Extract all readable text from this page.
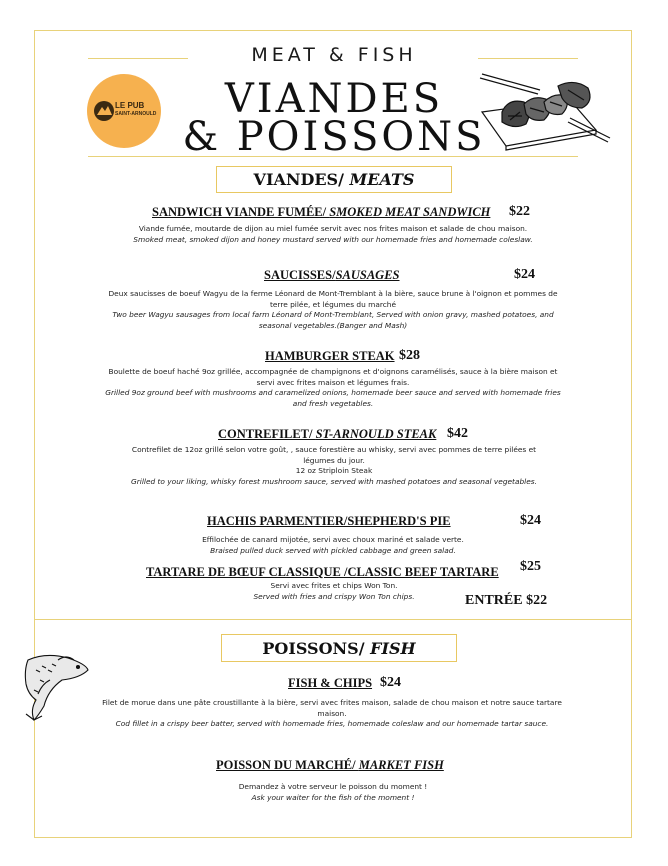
MEAT & FISH
VIANDES
& POISSONS
LE PUB
SAINT-ARNOULD
VIANDES/ MEATS
SANDWICH VIANDE FUMÉE/ SMOKED MEAT SANDWICH $22
Viande fumée, moutarde de dijon au miel fumée servit avec nos frites maison et salade de chou maison.
Smoked meat, smoked dijon and honey mustard served with our homemade fries and homemade coleslaw.
SAUCISSES/SAUSAGES	$24
Deux saucisses de boeuf Wagyu de la ferme Léonard de Mont-Tremblant à la bière, sauce brune à l'oignon et pommes de terre pilée, et légumes du marché
Two beer Wagyu sausages from local farm Léonard of Mont-Tremblant, Served with onion gravy, mashed potatoes, and seasonal vegetables.(Banger and Mash)
HAMBURGER STEAK $28
Boulette de boeuf haché 9oz grillée, accompagnée de champignons et d'oignons caramélisés, sauce à la bière maison et servi avec frites maison et légumes frais.
Grilled 9oz ground beef with mushrooms and caramelized onions, homemade beer sauce and served with homemade fries and fresh vegetables.
CONTREFILET/ ST-ARNOULD STEAK $42
Contrefilet de 12oz grillé selon votre goût, , sauce forestière au whisky, servi avec pommes de terre pilées et légumes du jour.
12 oz Striploin Steak
Grilled to your liking, whisky forest mushroom sauce, served with mashed potatoes and seasonal vegetables.
HACHIS PARMENTIER/SHEPHERD'S PIE	$24
Effilochée de canard mijotée, servi avec choux mariné et salade verte.
Braised pulled duck served with pickled cabbage and green salad.
TARTARE DE BŒUF CLASSIQUE /CLASSIC BEEF TARTARE $25
Servi avec frites et chips Won Ton.
Served with fries and crispy Won Ton chips.	ENTRÉE $22
POISSONS/ FISH
FISH & CHIPS $24
Filet de morue dans une pâte croustillante à la bière, servi avec frites maison, salade de chou maison et notre sauce tartare maison.
Cod fillet in a crispy beer batter, served with homemade fries, homemade coleslaw and our homemade tartar sauce.
POISSON DU MARCHÉ/ MARKET FISH
Demandez à votre serveur le poisson du moment !
Ask your waiter for the fish of the moment !
